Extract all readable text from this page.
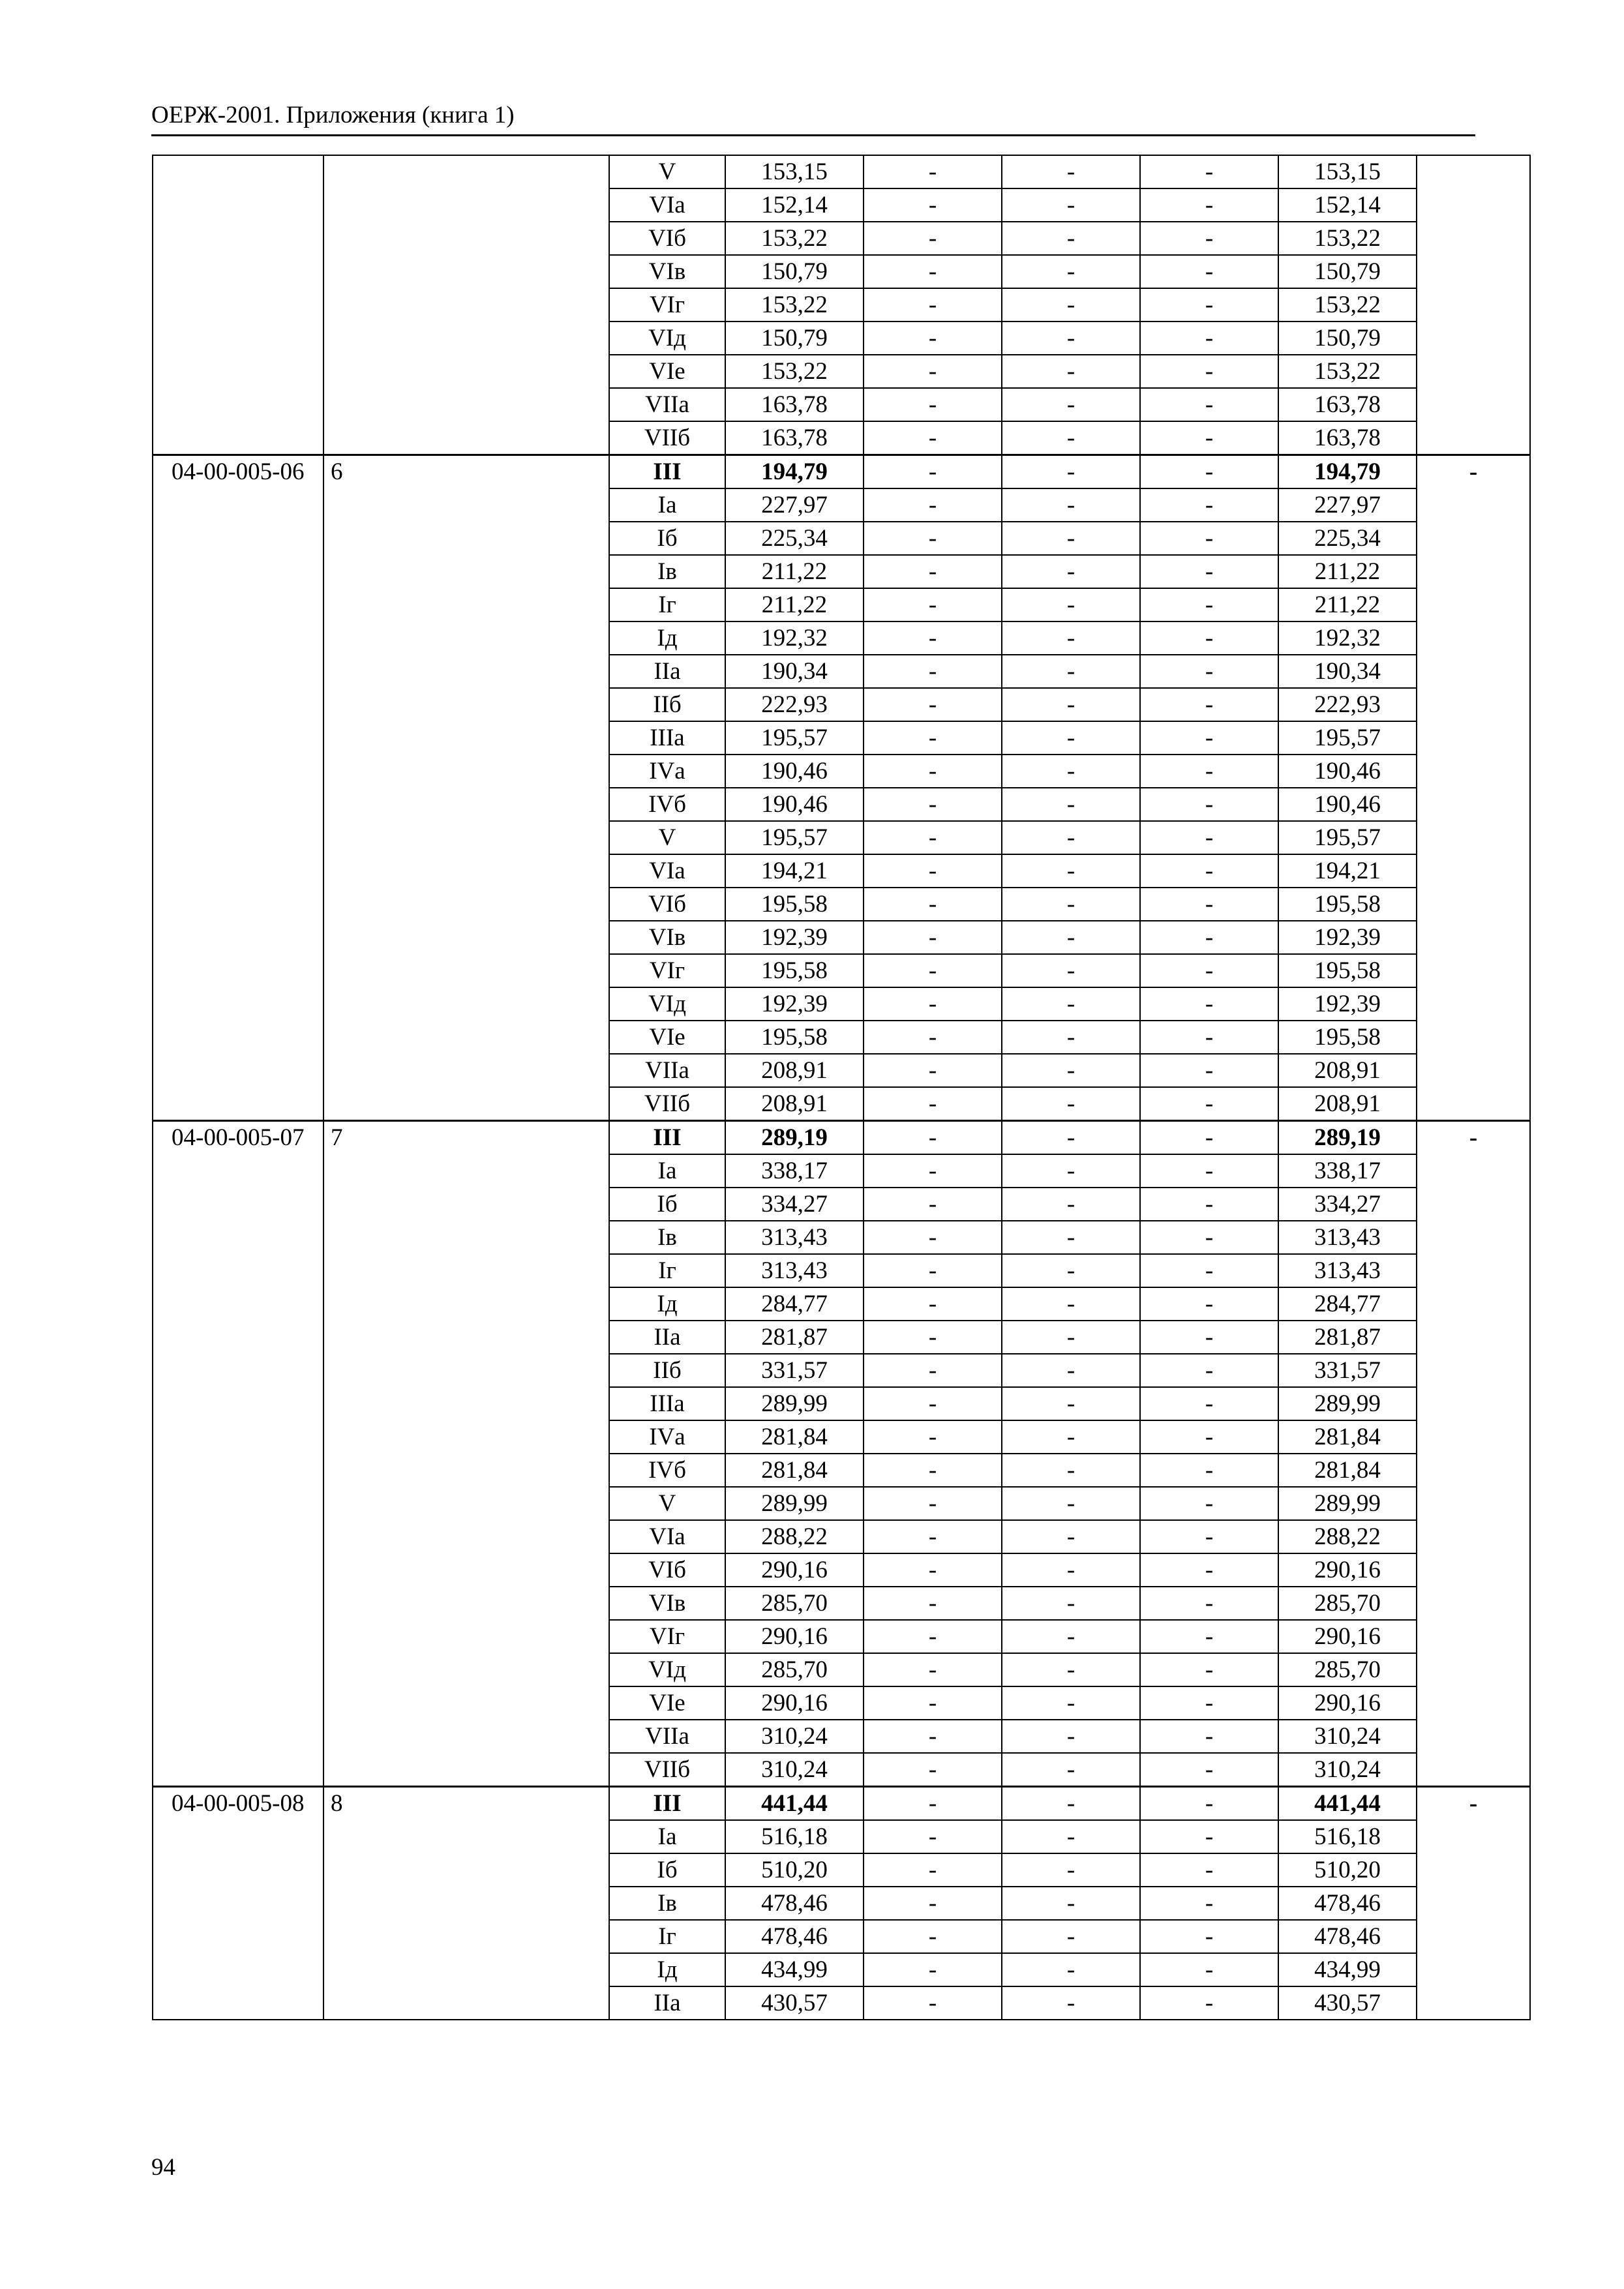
ОЕРЖ-2001. Приложения (книга 1)
		V	153,15	-	-	-	153,15	
		VIа	152,14	-	-	-	152,14	
		VIб	153,22	-	-	-	153,22	
		VIв	150,79	-	-	-	150,79	
		VIг	153,22	-	-	-	153,22	
		VIд	150,79	-	-	-	150,79	
		VIе	153,22	-	-	-	153,22	
		VIIа	163,78	-	-	-	163,78	
		VIIб	163,78	-	-	-	163,78	
04-00-005-06	6	III	194,79	-	-	-	194,79	-
		Iа	227,97	-	-	-	227,97	
		Iб	225,34	-	-	-	225,34	
		Iв	211,22	-	-	-	211,22	
		Iг	211,22	-	-	-	211,22	
		Iд	192,32	-	-	-	192,32	
		IIа	190,34	-	-	-	190,34	
		IIб	222,93	-	-	-	222,93	
		IIIа	195,57	-	-	-	195,57	
		IVа	190,46	-	-	-	190,46	
		IVб	190,46	-	-	-	190,46	
		V	195,57	-	-	-	195,57	
		VIа	194,21	-	-	-	194,21	
		VIб	195,58	-	-	-	195,58	
		VIв	192,39	-	-	-	192,39	
		VIг	195,58	-	-	-	195,58	
		VIд	192,39	-	-	-	192,39	
		VIе	195,58	-	-	-	195,58	
		VIIа	208,91	-	-	-	208,91	
		VIIб	208,91	-	-	-	208,91	
04-00-005-07	7	III	289,19	-	-	-	289,19	-
		Iа	338,17	-	-	-	338,17	
		Iб	334,27	-	-	-	334,27	
		Iв	313,43	-	-	-	313,43	
		Iг	313,43	-	-	-	313,43	
		Iд	284,77	-	-	-	284,77	
		IIа	281,87	-	-	-	281,87	
		IIб	331,57	-	-	-	331,57	
		IIIа	289,99	-	-	-	289,99	
		IVа	281,84	-	-	-	281,84	
		IVб	281,84	-	-	-	281,84	
		V	289,99	-	-	-	289,99	
		VIа	288,22	-	-	-	288,22	
		VIб	290,16	-	-	-	290,16	
		VIв	285,70	-	-	-	285,70	
		VIг	290,16	-	-	-	290,16	
		VIд	285,70	-	-	-	285,70	
		VIе	290,16	-	-	-	290,16	
		VIIа	310,24	-	-	-	310,24	
		VIIб	310,24	-	-	-	310,24	
04-00-005-08	8	III	441,44	-	-	-	441,44	-
		Iа	516,18	-	-	-	516,18	
		Iб	510,20	-	-	-	510,20	
		Iв	478,46	-	-	-	478,46	
		Iг	478,46	-	-	-	478,46	
		Iд	434,99	-	-	-	434,99	
		IIа	430,57	-	-	-	430,57	
94
